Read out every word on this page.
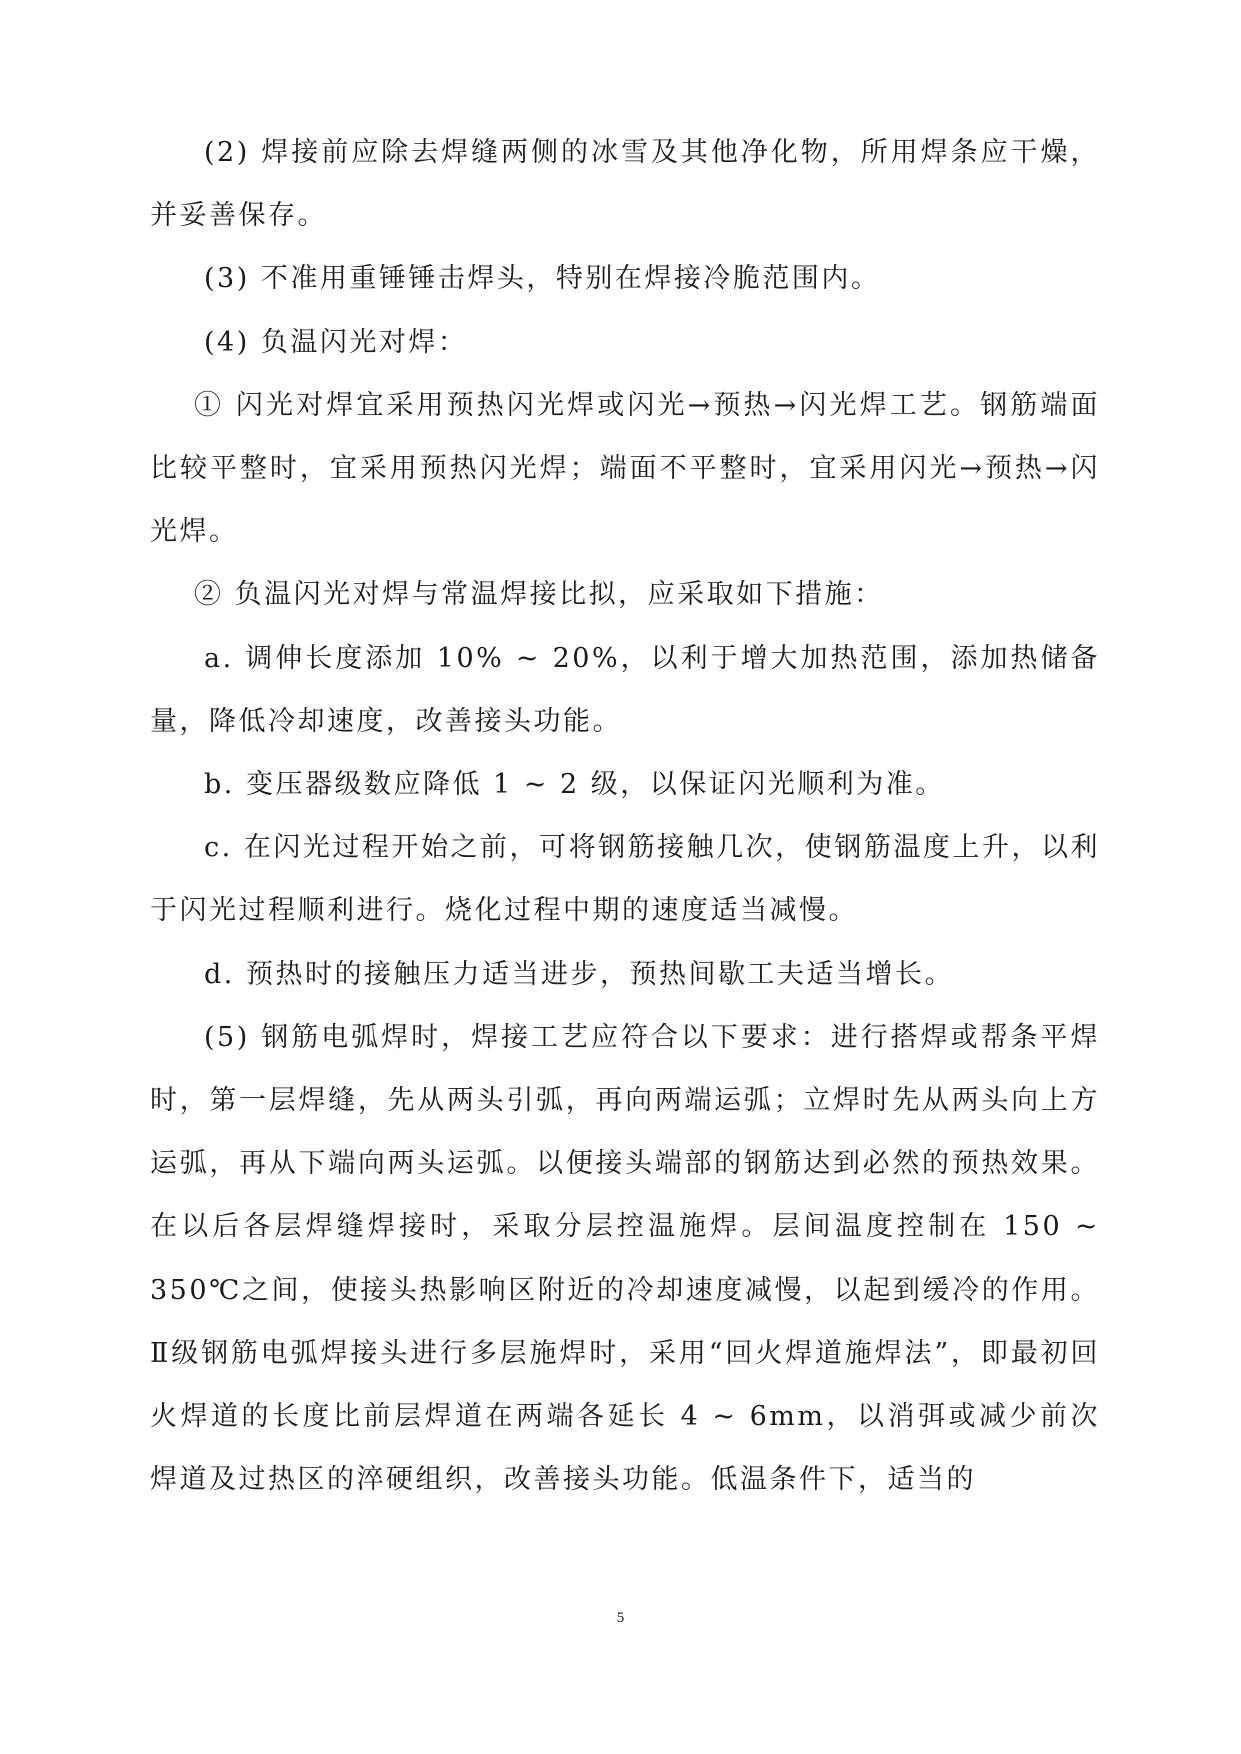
(2) 焊接前应除去焊缝两侧的冰雪及其他净化物，所用焊条应干燥，并妥善保存。

(3) 不准用重锤锤击焊头，特别在焊接冷脆范围内。

(4) 负温闪光对焊：

① 闪光对焊宜采用预热闪光焊或闪光→预热→闪光焊工艺。钢筋端面比较平整时，宜采用预热闪光焊；端面不平整时，宜采用闪光→预热→闪光焊。

② 负温闪光对焊与常温焊接比拟，应采取如下措施：

a. 调伸长度添加 10% ~ 20%，以利于增大加热范围，添加热储备量，降低冷却速度，改善接头功能。

b. 变压器级数应降低 1 ~ 2 级，以保证闪光顺利为准。

c. 在闪光过程开始之前，可将钢筋接触几次，使钢筋温度上升，以利于闪光过程顺利进行。烧化过程中期的速度适当减慢。

d. 预热时的接触压力适当进步，预热间歇工夫适当增长。

(5) 钢筋电弧焊时，焊接工艺应符合以下要求：进行搭焊或帮条平焊时，第一层焊缝，先从两头引弧，再向两端运弧；立焊时先从两头向上方运弧，再从下端向两头运弧。以便接头端部的钢筋达到必然的预热效果。在以后各层焊缝焊接时，采取分层控温施焊。层间温度控制在 150 ~ 350℃之间，使接头热影响区附近的冷却速度减慢，以起到缓冷的作用。Ⅱ级钢筋电弧焊接头进行多层施焊时，采用“回火焊道施焊法”，即最初回火焊道的长度比前层焊道在两端各延长 4 ~ 6mm，以消弭或减少前次焊道及过热区的淬硬组织，改善接头功能。低温条件下，适当的

5
